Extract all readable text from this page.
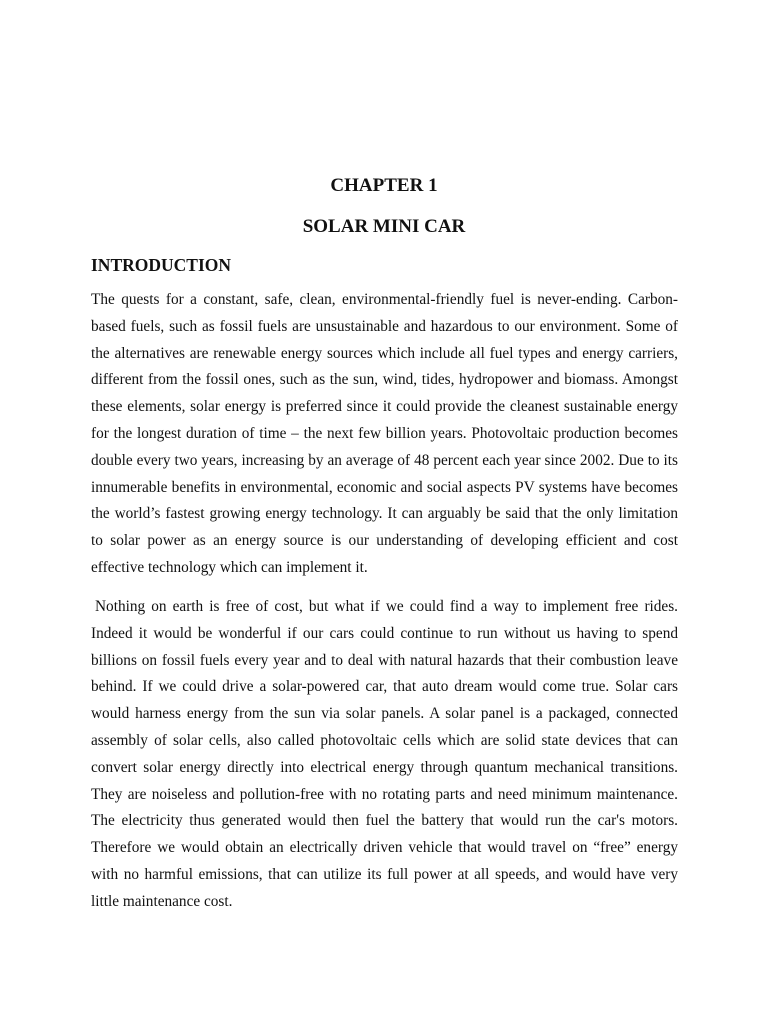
CHAPTER 1
SOLAR MINI CAR
INTRODUCTION

The quests for a constant, safe, clean, environmental-friendly fuel is never-ending. Carbon-based fuels, such as fossil fuels are unsustainable and hazardous to our environment. Some of the alternatives are renewable energy sources which include all fuel types and energy carriers, different from the fossil ones, such as the sun, wind, tides, hydropower and biomass. Amongst these elements, solar energy is preferred since it could provide the cleanest sustainable energy for the longest duration of time – the next few billion years. Photovoltaic production becomes double every two years, increasing by an average of 48 percent each year since 2002. Due to its innumerable benefits in environmental, economic and social aspects PV systems have becomes the world’s fastest growing energy technology. It can arguably be said that the only limitation to solar power as an energy source is our understanding of developing efficient and cost effective technology which can implement it.

Nothing on earth is free of cost, but what if we could find a way to implement free rides. Indeed it would be wonderful if our cars could continue to run without us having to spend billions on fossil fuels every year and to deal with natural hazards that their combustion leave behind. If we could drive a solar-powered car, that auto dream would come true. Solar cars would harness energy from the sun via solar panels. A solar panel is a packaged, connected assembly of solar cells, also called photovoltaic cells which are solid state devices that can convert solar energy directly into electrical energy through quantum mechanical transitions. They are noiseless and pollution-free with no rotating parts and need minimum maintenance. The electricity thus generated would then fuel the battery that would run the car's motors. Therefore we would obtain an electrically driven vehicle that would travel on “free” energy with no harmful emissions, that can utilize its full power at all speeds, and would have very little maintenance cost.
